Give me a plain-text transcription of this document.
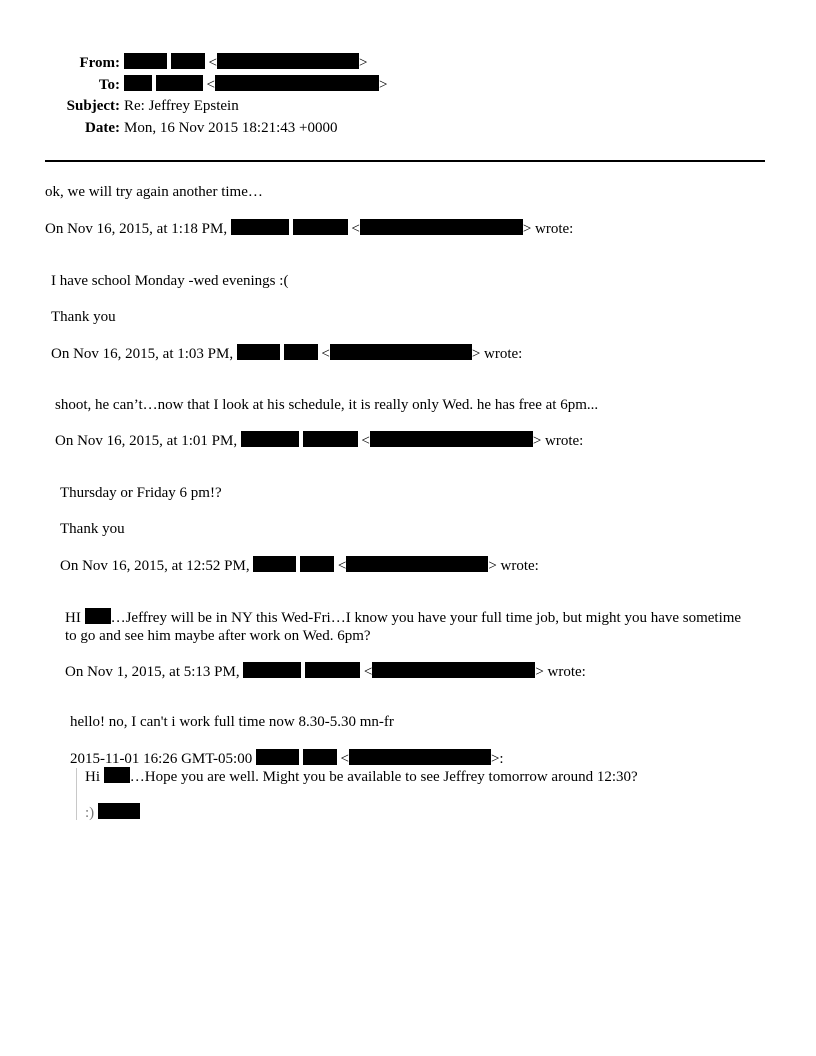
From:	<	>
To:	<	>
Subject: Re: Jeffrey Epstein
Date: Mon, 16 Nov 2015 18:21:43 +0000
ok, we will try again another time…
On Nov 16, 2015, at 1:18 PM,	<	> wrote:
I have school Monday -wed evenings :(
Thank you
On Nov 16, 2015, at 1:03 PM,	<	> wrote:
shoot, he can’t…now that I look at his schedule, it is really only Wed. he has free at 6pm...
On Nov 16, 2015, at 1:01 PM,	<	> wrote:
Thursday or Friday 6 pm!?
Thank you
On Nov 16, 2015, at 12:52 PM,	<	> wrote:
HI …Jeffrey will be in NY this Wed-Fri…I know you have your full time job, but might you have sometime to go and see him maybe after work on Wed. 6pm?
On Nov 1, 2015, at 5:13 PM,	<	> wrote:
hello! no, I can't i work full time now 8.30-5.30 mn-fr
2015-11-01 16:26 GMT-05:00	<	>:
Hi …Hope you are well. Might you be available to see Jeffrey tomorrow around 12:30?
:)
